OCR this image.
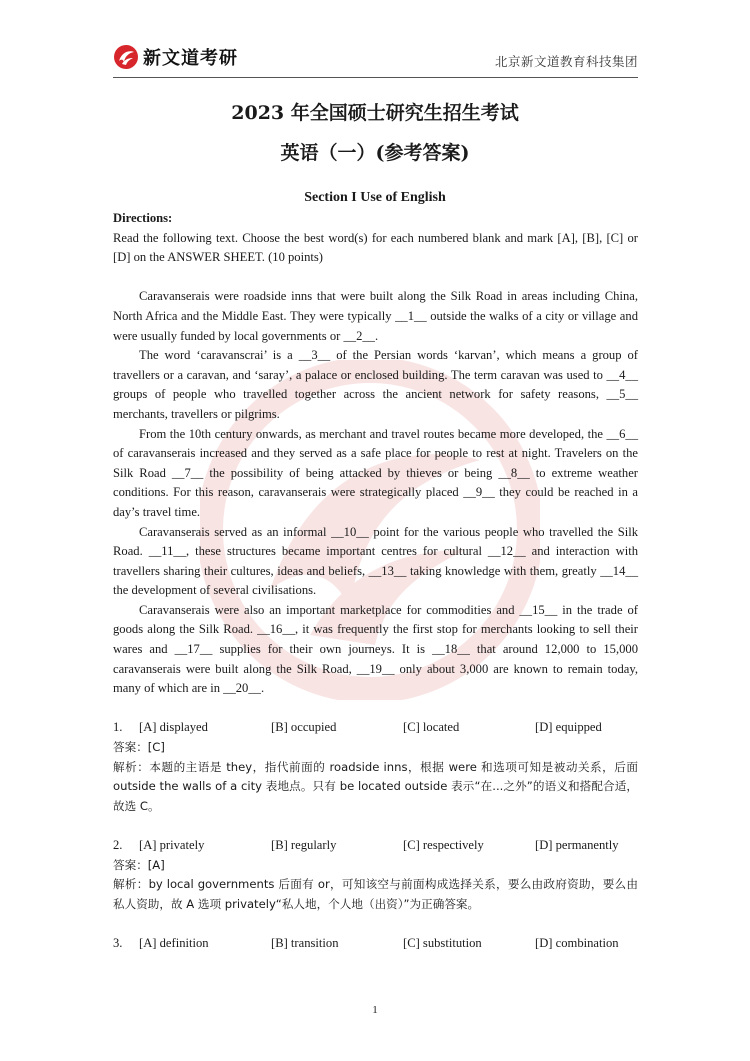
新文道考研	北京新文道教育科技集团
2023 年全国硕士研究生招生考试
英语（一）(参考答案)
Section I Use of English

Directions:

Read the following text. Choose the best word(s) for each numbered blank and mark [A], [B], [C] or [D] on the ANSWER SHEET. (10 points)

Caravanserais were roadside inns that were built along the Silk Road in areas including China, North Africa and the Middle East. They were typically __1__ outside the walks of a city or village and were usually funded by local governments or __2__.

The word ‘caravanscrai’ is a __3__ of the Persian words ‘karvan’, which means a group of travellers or a caravan, and ‘saray’, a palace or enclosed building. The term caravan was used to __4__ groups of people who travelled together across the ancient network for safety reasons, __5__ merchants, travellers or pilgrims.

From the 10th century onwards, as merchant and travel routes became more developed, the __6__ of caravanserais increased and they served as a safe place for people to rest at night. Travelers on the Silk Road __7__ the possibility of being attacked by thieves or being __8__ to extreme weather conditions. For this reason, caravanserais were strategically placed __9__ they could be reached in a day’s travel time.

Caravanserais served as an informal __10__ point for the various people who travelled the Silk Road. __11__, these structures became important centres for cultural __12__ and interaction with travellers sharing their cultures, ideas and beliefs, __13__ taking knowledge with them, greatly __14__ the development of several civilisations.

Caravanserais were also an important marketplace for commodities and __15__ in the trade of goods along the Silk Road. __16__, it was frequently the first stop for merchants looking to sell their wares and __17__ supplies for their own journeys. It is __18__ that around 12,000 to 15,000 caravanserais were built along the Silk Road, __19__ only about 3,000 are known to remain today, many of which are in __20__.

1.	[A] displayed	[B] occupied	[C] located	[D] equipped

答案：[C]

解析：本题的主语是 they，指代前面的 roadside inns，根据 were 和选项可知是被动关系，后面 outside the walls of a city 表地点。只有 be located outside 表示“在...之外”的语义和搭配合适，故选 C。

2.	[A] privately	[B] regularly	[C] respectively	[D] permanently

答案：[A]

解析：by local governments 后面有 or，可知该空与前面构成选择关系，要么由政府资助，要么由私人资助，故 A 选项 privately“私人地，个人地（出资）”为正确答案。

3.	[A] definition	[B] transition	[C] substitution	[D] combination
1
